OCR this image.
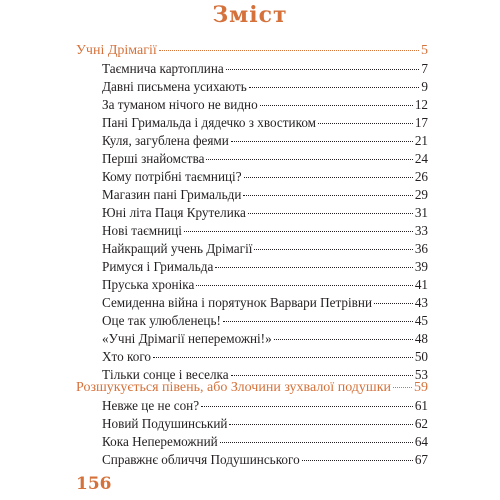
Зміст
Учні Дрімагії	5
Таємнича картоплина	7
Давні письмена усихають	9
За туманом нічого не видно	12
Пані Гримальда і дядечко з хвостиком	17
Куля, загублена феями	21
Перші знайомства	24
Кому потрібні таємниці?	26
Магазин пані Гримальди	29
Юні літа Паця Крутелика	31
Нові таємниці	33
Найкращий учень Дрімагії	36
Римуся і Гримальда	39
Пруська хроніка	41
Семиденна війна і порятунок Варвари Петрівни	43
Оце так улюбленець!	45
«Учні Дрімагії непереможні!»	48
Хто кого	50
Тільки сонце і веселка	53
Розшукується півень, або Злочини зухвалої подушки 59
Невже це не сон?	61
Новий Подушинський	62
Кока Непереможний	64
Справжнє обличчя Подушинського	67
156
